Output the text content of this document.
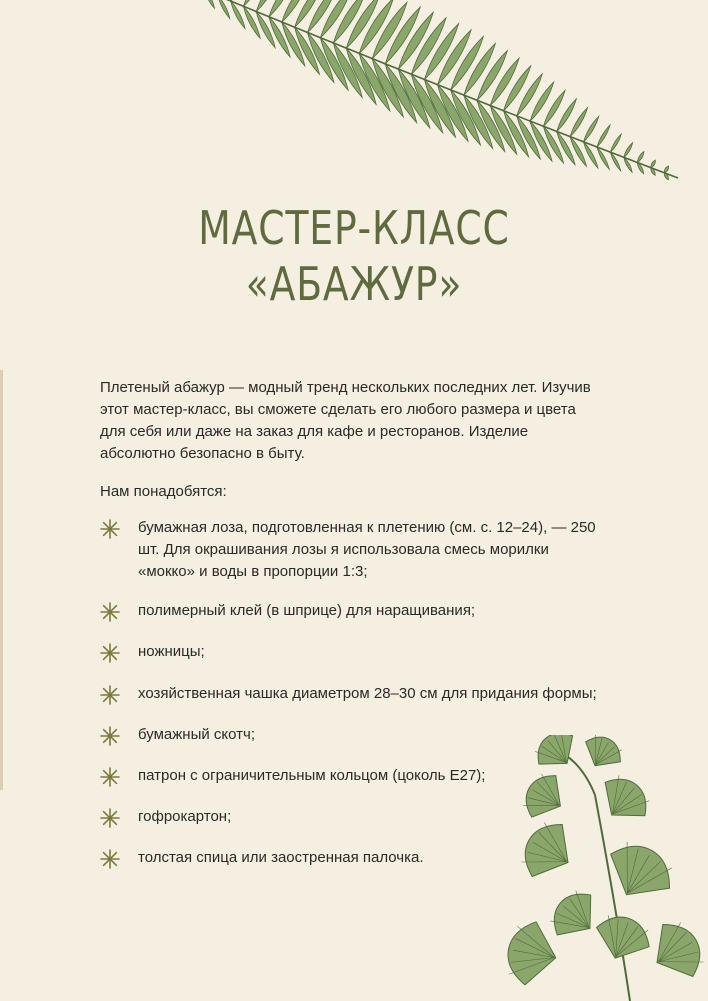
МАСТЕР-КЛАСС
«АБАЖУР»

Плетеный абажур — модный тренд нескольких последних лет. Изучив этот мастер-класс, вы сможете сделать его любого размера и цвета для себя или даже на заказ для кафе и ресторанов. Изделие абсолютно безопасно в быту.

Нам понадобятся:

бумажная лоза, подготовленная к плетению (см. с. 12–24), — 250 шт. Для окрашивания лозы я использовала смесь морилки «мокко» и воды в пропорции 1:3;
полимерный клей (в шприце) для наращивания;
ножницы;
хозяйственная чашка диаметром 28–30 см для придания формы;
бумажный скотч;
патрон с ограничительным кольцом (цоколь Е27);
гофрокартон;
толстая спица или заостренная палочка.
